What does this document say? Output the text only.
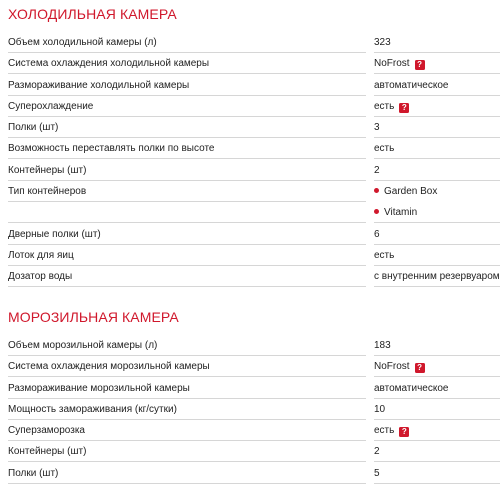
ХОЛОДИЛЬНАЯ КАМЕРА
Объем холодильной камеры (л)	323
Система охлаждения холодильной камеры	NoFrost ?
Размораживание холодильной камеры	автоматическое
Суперохлаждение	есть ?
Полки (шт)	3
Возможность переставлять полки по высоте	есть
Контейнеры (шт)	2
Тип контейнеров	Garden Box
Vitamin
Дверные полки (шт)	6
Лоток для яиц	есть
Дозатор воды	с внутренним резервуаром
МОРОЗИЛЬНАЯ КАМЕРА
Объем морозильной камеры (л)	183
Система охлаждения морозильной камеры	NoFrost ?
Размораживание морозильной камеры	автоматическое
Мощность замораживания (кг/сутки)	10
Суперзаморозка	есть ?
Контейнеры (шт)	2
Полки (шт)	5
